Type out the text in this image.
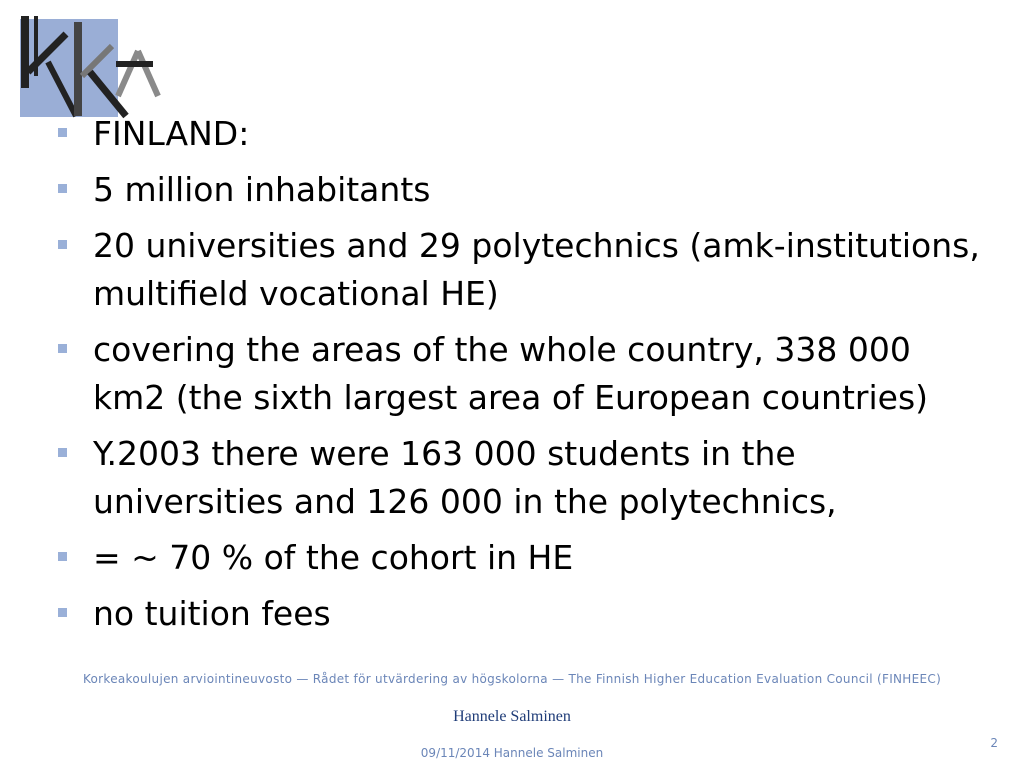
FINLAND:
5 million inhabitants
20 universities and 29 polytechnics (amk-institutions, multifield vocational HE)
covering the areas of the whole country, 338 000 km2 (the sixth largest area of European countries)
Y.2003 there were 163 000 students in the universities and 126 000 in the polytechnics,
= ~ 70 % of the cohort in HE
no tuition fees
Korkeakoulujen arviointineuvosto — Rådet för utvärdering av högskolorna — The Finnish Higher Education Evaluation Council (FINHEEC)
Hannele Salminen
09/11/2014 Hannele Salminen
2
